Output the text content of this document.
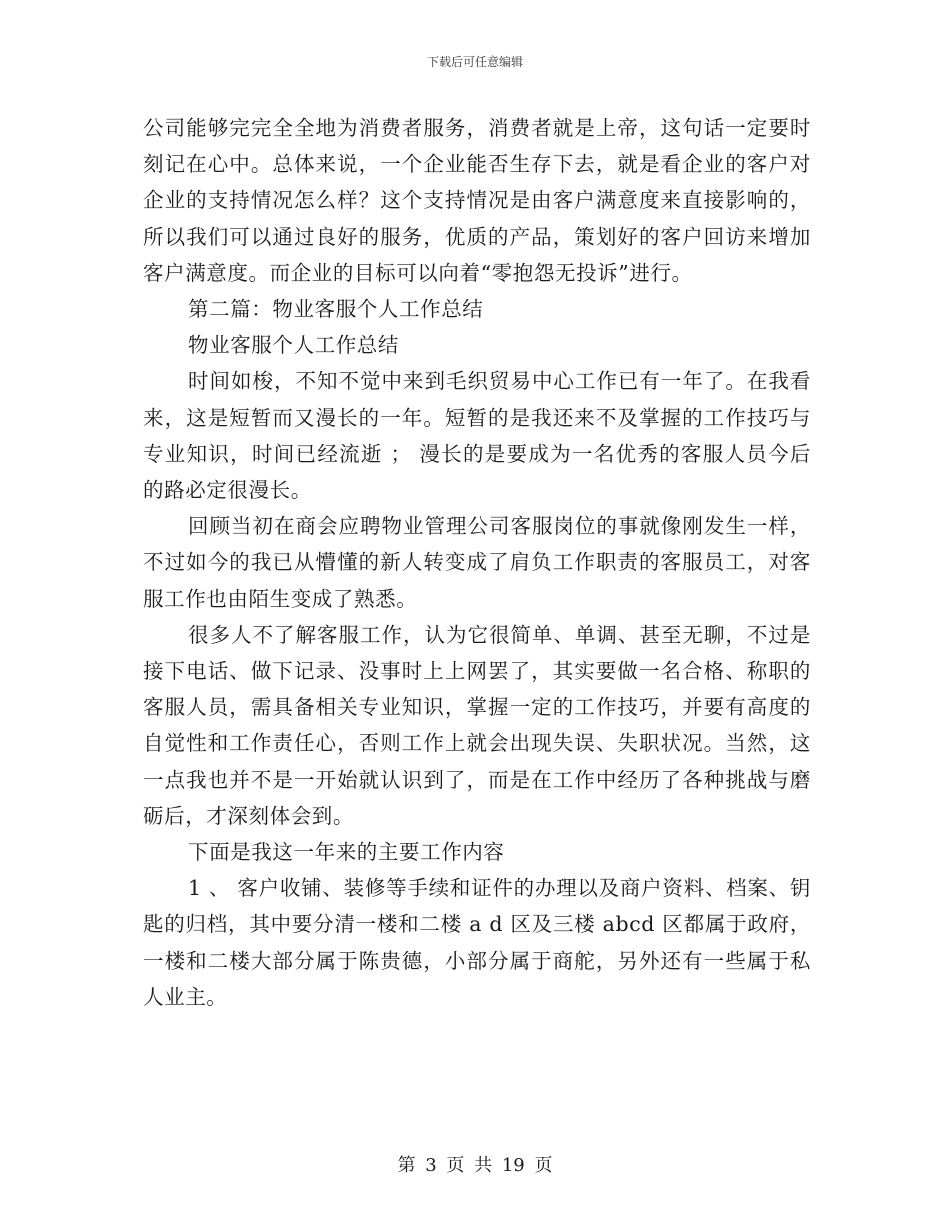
下载后可任意编辑

公司能够完完全全地为消费者服务，消费者就是上帝，这句话一定要时刻记在心中。总体来说，一个企业能否生存下去，就是看企业的客户对企业的支持情况怎么样？这个支持情况是由客户满意度来直接影响的，所以我们可以通过良好的服务，优质的产品，策划好的客户回访来增加客户满意度。而企业的目标可以向着“零抱怨无投诉”进行。

第二篇：物业客服个人工作总结

物业客服个人工作总结

时间如梭，不知不觉中来到毛织贸易中心工作已有一年了。在我看来，这是短暂而又漫长的一年。短暂的是我还来不及掌握的工作技巧与专业知识，时间已经流逝 ； 漫长的是要成为一名优秀的客服人员今后的路必定很漫长。

回顾当初在商会应聘物业管理公司客服岗位的事就像刚发生一样，不过如今的我已从懵懂的新人转变成了肩负工作职责的客服员工，对客服工作也由陌生变成了熟悉。

很多人不了解客服工作，认为它很简单、单调、甚至无聊，不过是接下电话、做下记录、没事时上上网罢了，其实要做一名合格、称职的客服人员，需具备相关专业知识，掌握一定的工作技巧，并要有高度的自觉性和工作责任心，否则工作上就会出现失误、失职状况。当然，这一点我也并不是一开始就认识到了，而是在工作中经历了各种挑战与磨砺后，才深刻体会到。

下面是我这一年来的主要工作内容

1 、 客户收铺、装修等手续和证件的办理以及商户资料、档案、钥匙的归档，其中要分清一楼和二楼 a d 区及三楼 abcd 区都属于政府，一楼和二楼大部分属于陈贵德，小部分属于商舵，另外还有一些属于私人业主。

第 3 页 共 19 页
